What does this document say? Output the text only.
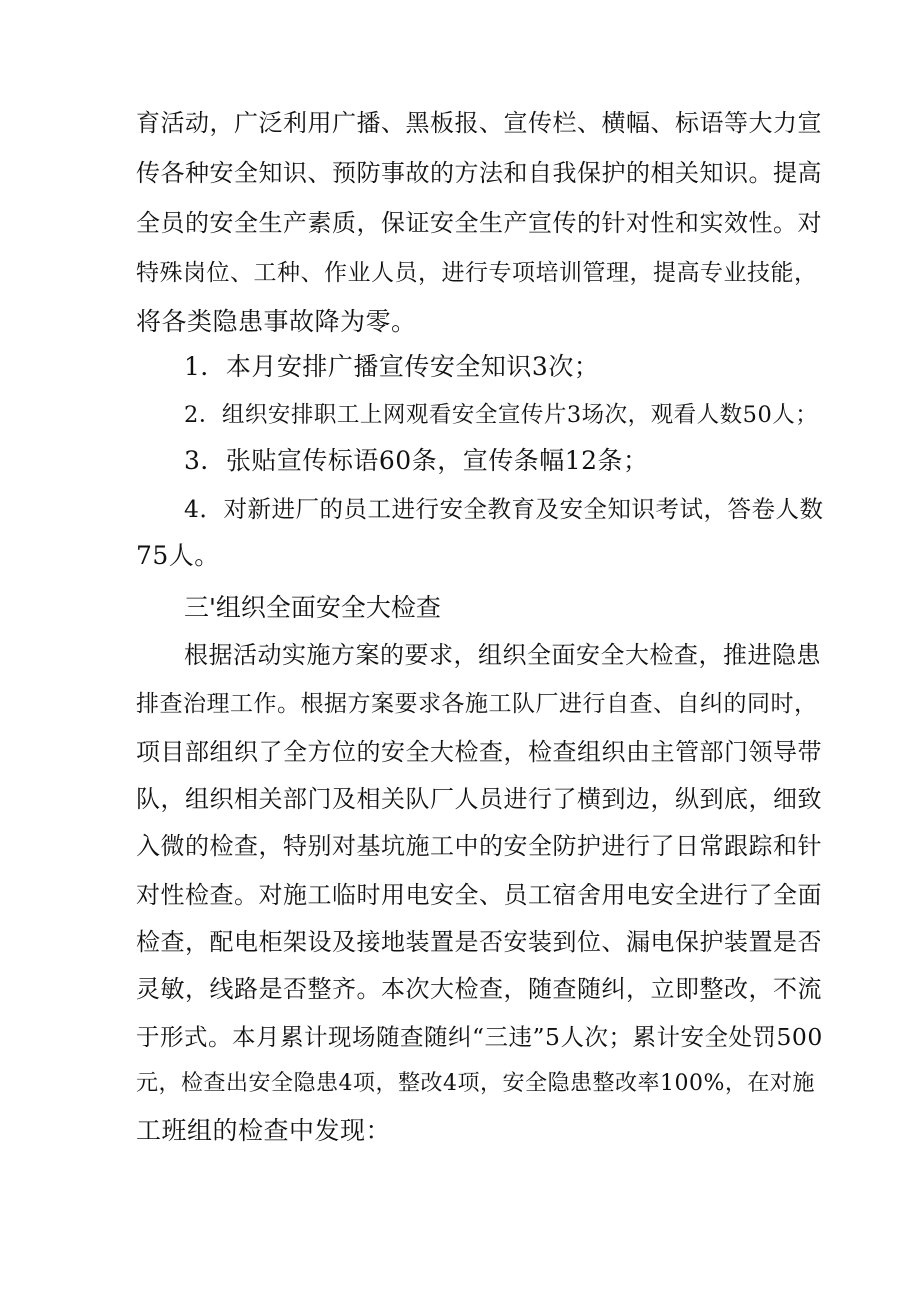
育活动，广泛利用广播、黑板报、宣传栏、横幅、标语等大力宣
传各种安全知识、预防事故的方法和自我保护的相关知识。提高
全员的安全生产素质，保证安全生产宣传的针对性和实效性。对
特殊岗位、工种、作业人员，进行专项培训管理，提高专业技能，
将各类隐患事故降为零。
1．本月安排广播宣传安全知识3次；
2．组织安排职工上网观看安全宣传片3场次，观看人数50人；
3．张贴宣传标语60条，宣传条幅12条；
4．对新进厂的员工进行安全教育及安全知识考试，答卷人数
75人。
三'组织全面安全大检查
根据活动实施方案的要求，组织全面安全大检查，推进隐患
排查治理工作。根据方案要求各施工队厂进行自查、自纠的同时，
项目部组织了全方位的安全大检查，检查组织由主管部门领导带
队，组织相关部门及相关队厂人员进行了横到边，纵到底，细致
入微的检查，特别对基坑施工中的安全防护进行了日常跟踪和针
对性检查。对施工临时用电安全、员工宿舍用电安全进行了全面
检查，配电柜架设及接地装置是否安装到位、漏电保护装置是否
灵敏，线路是否整齐。本次大检查，随查随纠，立即整改，不流
于形式。本月累计现场随查随纠“三违”5人次；累计安全处罚500
元，检查出安全隐患4项，整改4项，安全隐患整改率100%，在对施
工班组的检查中发现：
